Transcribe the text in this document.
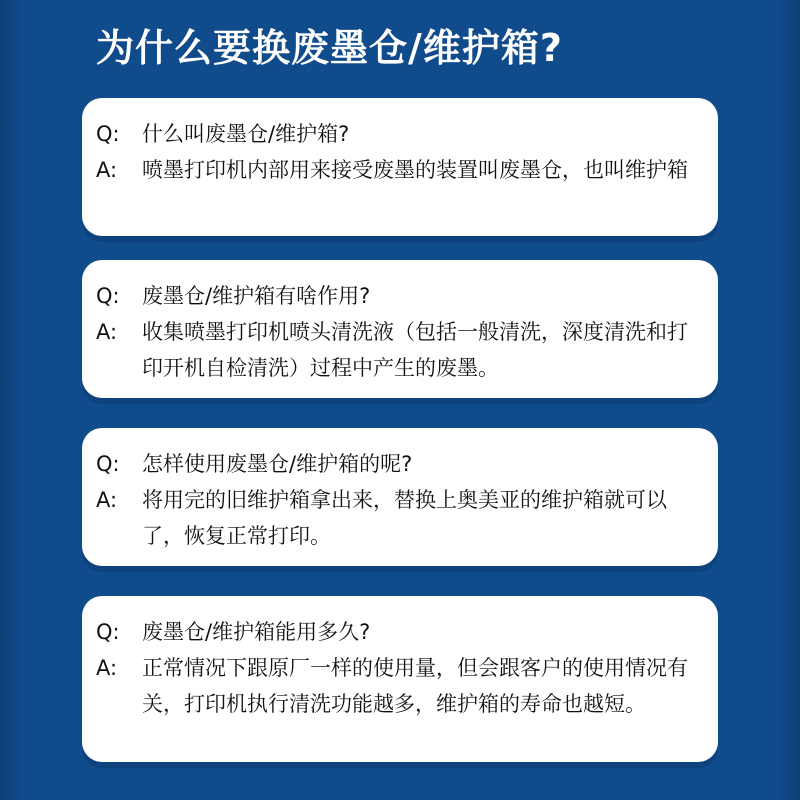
为什么要换废墨仓/维护箱?
Q:	什么叫废墨仓/维护箱?
A:	喷墨打印机内部用来接受废墨的装置叫废墨仓，也叫维护箱
Q:	废墨仓/维护箱有啥作用?
A:	收集喷墨打印机喷头清洗液（包括一般清洗，深度清洗和打印开机自检清洗）过程中产生的废墨。
Q:	怎样使用废墨仓/维护箱的呢?
A:	将用完的旧维护箱拿出来，替换上奥美亚的维护箱就可以了，恢复正常打印。
Q:	废墨仓/维护箱能用多久?
A:	正常情况下跟原厂一样的使用量，但会跟客户的使用情况有关，打印机执行清洗功能越多，维护箱的寿命也越短。
